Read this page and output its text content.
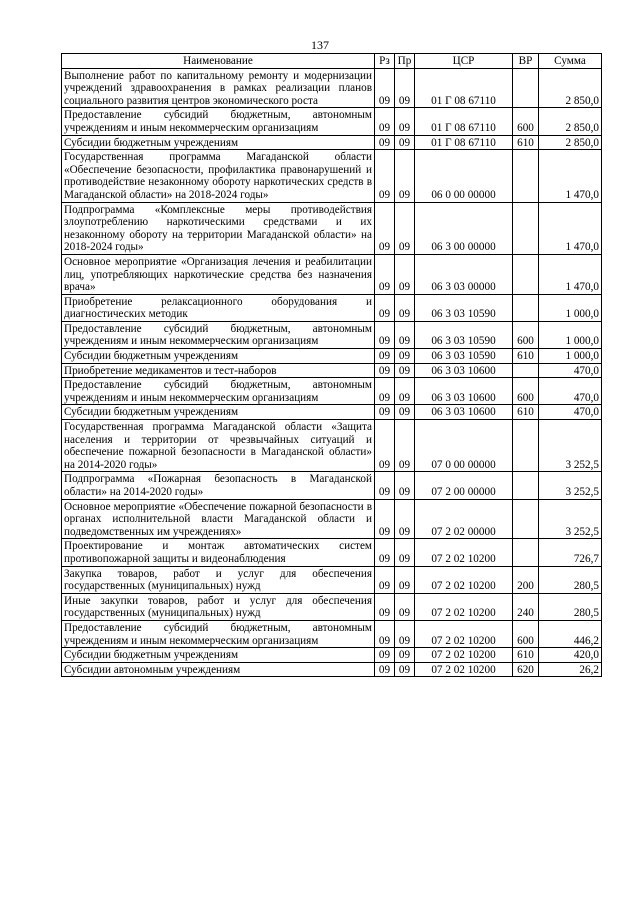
137
Наименование	Рз	Пр	ЦСР	ВР	Сумма
Выполнение работ по капитальному ремонту и модернизации учреждений здравоохранения в рамках реализации планов социального развития центров экономического роста	09	09	01 Г 08 67110		2 850,0
Предоставление субсидий бюджетным, автономным учреждениям и иным некоммерческим организациям	09	09	01 Г 08 67110	600	2 850,0
Субсидии бюджетным учреждениям	09	09	01 Г 08 67110	610	2 850,0
Государственная программа Магаданской области «Обеспечение безопасности, профилактика правонарушений и противодействие незаконному обороту наркотических средств в Магаданской области» на 2018-2024 годы»	09	09	06 0 00 00000		1 470,0
Подпрограмма «Комплексные меры противодействия злоупотреблению наркотическими средствами и их незаконному обороту на территории Магаданской области» на 2018-2024 годы»	09	09	06 3 00 00000		1 470,0
Основное мероприятие «Организация лечения и реабилитации лиц, употребляющих наркотические средства без назначения врача»	09	09	06 3 03 00000		1 470,0
Приобретение релаксационного оборудования и диагностических методик	09	09	06 3 03 10590		1 000,0
Предоставление субсидий бюджетным, автономным учреждениям и иным некоммерческим организациям	09	09	06 3 03 10590	600	1 000,0
Субсидии бюджетным учреждениям	09	09	06 3 03 10590	610	1 000,0
Приобретение медикаментов и тест-наборов	09	09	06 3 03 10600		470,0
Предоставление субсидий бюджетным, автономным учреждениям и иным некоммерческим организациям	09	09	06 3 03 10600	600	470,0
Субсидии бюджетным учреждениям	09	09	06 3 03 10600	610	470,0
Государственная программа Магаданской области «Защита населения и территории от чрезвычайных ситуаций и обеспечение пожарной безопасности в Магаданской области» на 2014-2020 годы»	09	09	07 0 00 00000		3 252,5
Подпрограмма «Пожарная безопасность в Магаданской области» на 2014-2020 годы»	09	09	07 2 00 00000		3 252,5
Основное мероприятие «Обеспечение пожарной безопасности в органах исполнительной власти Магаданской области и подведомственных им учреждениях»	09	09	07 2 02 00000		3 252,5
Проектирование и монтаж автоматических систем противопожарной защиты и видеонаблюдения	09	09	07 2 02 10200		726,7
Закупка товаров, работ и услуг для обеспечения государственных (муниципальных) нужд	09	09	07 2 02 10200	200	280,5
Иные закупки товаров, работ и услуг для обеспечения государственных (муниципальных) нужд	09	09	07 2 02 10200	240	280,5
Предоставление субсидий бюджетным, автономным учреждениям и иным некоммерческим организациям	09	09	07 2 02 10200	600	446,2
Субсидии бюджетным учреждениям	09	09	07 2 02 10200	610	420,0
Субсидии автономным учреждениям	09	09	07 2 02 10200	620	26,2
